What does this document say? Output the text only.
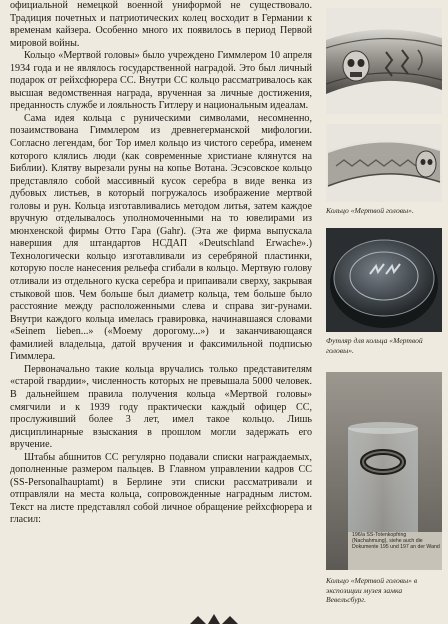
официальной немецкой военной униформой не существовало. Традиция почетных и патриотических колец восходит в Германии к временам кайзера. Особенно много их появилось в период Первой мировой войны.

Кольцо «Мертвой головы» было учреждено Гиммлером 10 апреля 1934 года и не являлось государственной наградой. Это был личный подарок от рейхсфюрера СС. Внутри СС кольцо рассматривалось как высшая ведомственная награда, врученная за личные достижения, преданность службе и лояльность Гитлеру и национальным идеалам.

Сама идея кольца с руническими символами, несомненно, позаимствована Гиммлером из древнегерманской мифологии. Согласно легендам, бог Тор имел кольцо из чистого серебра, именем которого клялись люди (как современные христиане клянутся на Библии). Клятву вырезали руны на копье Вотана. Эсэсовское кольцо представляло собой массивный кусок серебра в виде венка из дубовых листьев, в который погружалось изображение мертвой головы и рун. Кольца изготавливались методом литья, затем каждое вручную отделывалось уполномоченными на то ювелирами из мюнхенской фирмы Отто Гара (Gahr). (Эта же фирма выпускала навершия для штандартов НСДАП «Deutschland Erwache».) Технологически кольцо изготавливали из серебряной пластинки, которую после нанесения рельефа сгибали в кольцо. Мертвую голову отливали из отдельного куска серебра и припаивали сверху, закрывая стыковой шов. Чем больше был диаметр кольца, тем больше было расстояние между расположенными слева и справа зиг-рунами. Внутри каждого кольца имелась гравировка, начинавшаяся словами «Seinem lieben...» («Моему дорогому...») и заканчивающаяся фамилией владельца, датой вручения и факсимильной подписью Гиммлера.

Первоначально такие кольца вручались только представителям «старой гвардии», численность которых не превышала 5000 человек. В дальнейшем правила получения кольца «Мертвой головы» смягчили и к 1939 году практически каждый офицер СС, прослуживший более 3 лет, имел такое кольцо. Лишь дисциплинарные взыскания в прошлом могли задержать его вручение.

Штабы абшнитов СС регулярно подавали списки награждаемых, дополненные размером пальцев. В Главном управлении кадров СС (SS-Personalhauptamt) в Берлине эти списки рассматривали и отправляли на места кольца, сопровожденные наградным листом. Текст на листе представлял собой личное обращение рейхсфюрера и гласил:

Кольцо «Мертвой головы».
Футляр для кольца «Мертвой головы».
196/a SS-Totenkopfring (Nachahmung), siehe auch die Dokumente 195 und 197 an der Wand
Кольцо «Мертвой головы» в экспозиции музея замка Вевельсбург.
